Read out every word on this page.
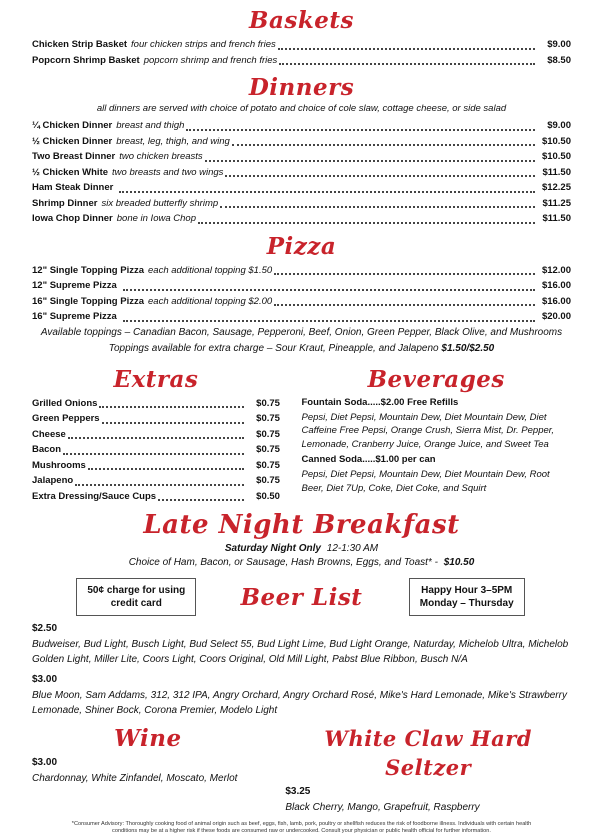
Baskets
Chicken Strip Basket four chicken strips and french fries	$9.00
Popcorn Shrimp Basket popcorn shrimp and french fries	$8.50
Dinners
all dinners are served with choice of potato and choice of cole slaw, cottage cheese, or side salad
¼ Chicken Dinner breast and thigh	$9.00
½ Chicken Dinner breast, leg, thigh, and wing	$10.50
Two Breast Dinner two chicken breasts	$10.50
½ Chicken White two breasts and two wings	$11.50
Ham Steak Dinner	$12.25
Shrimp Dinner six breaded butterfly shrimp	$11.25
Iowa Chop Dinner bone in Iowa Chop	$11.50
Pizza
12" Single Topping Pizza each additional topping $1.50	$12.00
12" Supreme Pizza	$16.00
16" Single Topping Pizza each additional topping $2.00	$16.00
16" Supreme Pizza	$20.00
Available toppings – Canadian Bacon, Sausage, Pepperoni, Beef, Onion, Green Pepper, Black Olive, and Mushrooms
Toppings available for extra charge – Sour Kraut, Pineapple, and Jalapeno $1.50/$2.50
Extras
Grilled Onions	$0.75
Green Peppers	$0.75
Cheese	$0.75
Bacon	$0.75
Mushrooms	$0.75
Jalapeno	$0.75
Extra Dressing/Sauce Cups	$0.50
Beverages
Fountain Soda.....$2.00 Free Refills
Pepsi, Diet Pepsi, Mountain Dew, Diet Mountain Dew, Diet Caffeine Free Pepsi, Orange Crush, Sierra Mist, Dr. Pepper, Lemonade, Cranberry Juice, Orange Juice, and Sweet Tea
Canned Soda.....$1.00 per can
Pepsi, Diet Pepsi, Mountain Dew, Diet Mountain Dew, Root Beer, Diet 7Up, Coke, Diet Coke, and Squirt
Late Night Breakfast
Saturday Night Only 12-1:30 AM
Choice of Ham, Bacon, or Sausage, Hash Browns, Eggs, and Toast* - $10.50
50¢ charge for using
credit card	Beer List	Happy Hour 3–5PM
Monday – Thursday
$2.50
Budweiser, Bud Light, Busch Light, Bud Select 55, Bud Light Lime, Bud Light Orange, Naturday, Michelob Ultra, Michelob Golden Light, Miller Lite, Coors Light, Coors Original, Old Mill Light, Pabst Blue Ribbon, Busch N/A
$3.00
Blue Moon, Sam Addams, 312, 312 IPA, Angry Orchard, Angry Orchard Rosé, Mike's Hard Lemonade, Mike's Strawberry Lemonade, Shiner Bock, Corona Premier, Modelo Light
Wine
$3.00
Chardonnay, White Zinfandel, Moscato, Merlot
White Claw Hard Seltzer
$3.25
Black Cherry, Mango, Grapefruit, Raspberry
*Consumer Advisory: Thoroughly cooking food of animal origin such as beef, eggs, fish, lamb, pork, poultry or shellfish reduces the risk of foodborne illness. Individuals with certain health conditions may be at a higher risk if these foods are consumed raw or undercooked. Consult your physician or public health official for further information.
